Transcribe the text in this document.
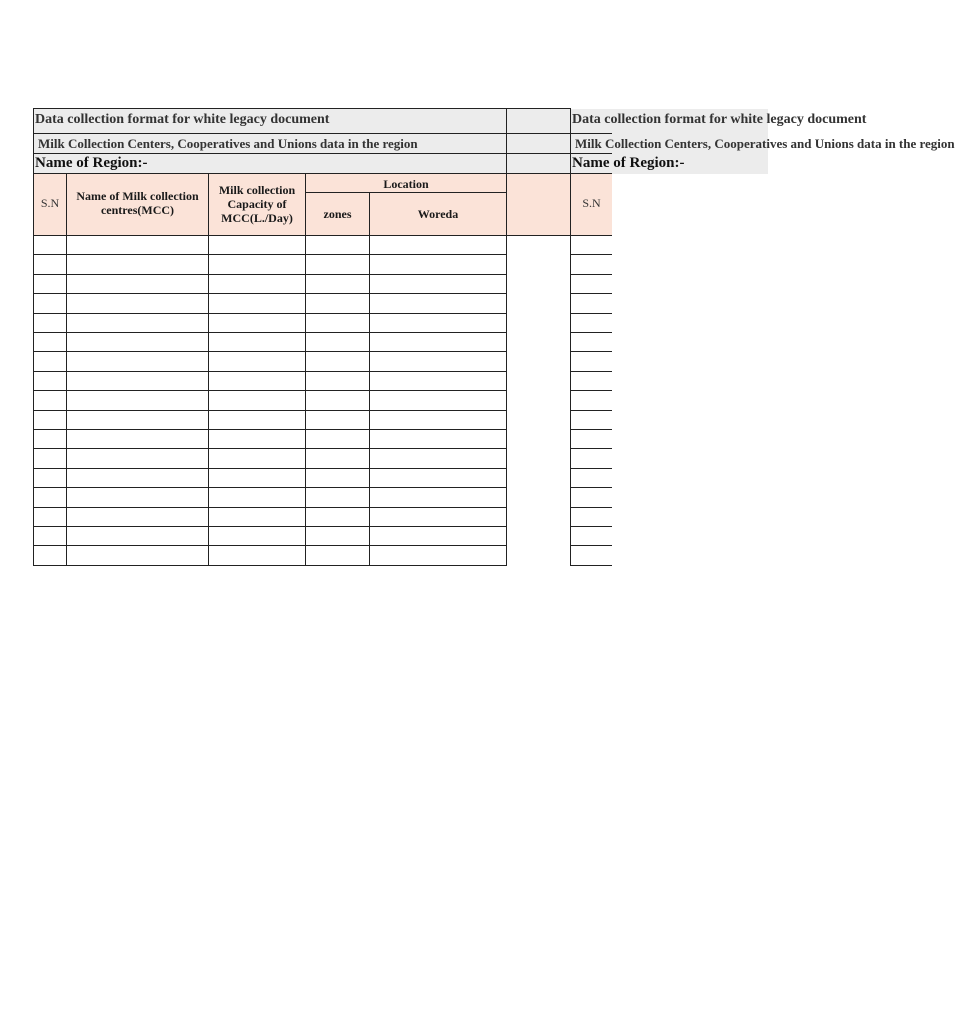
Data collection format for white legacy document
Milk Collection Centers, Cooperatives and Unions data in the region
Name of Region:-
S.N	Name of Milk collection centres(MCC)
Milk collection Capacity of MCC(L./Day)
Location
zones	Woreda
Data collection format for white legacy document
Milk Collection Centers, Cooperatives and Unions data in the region
Name of Region:-
S.N
